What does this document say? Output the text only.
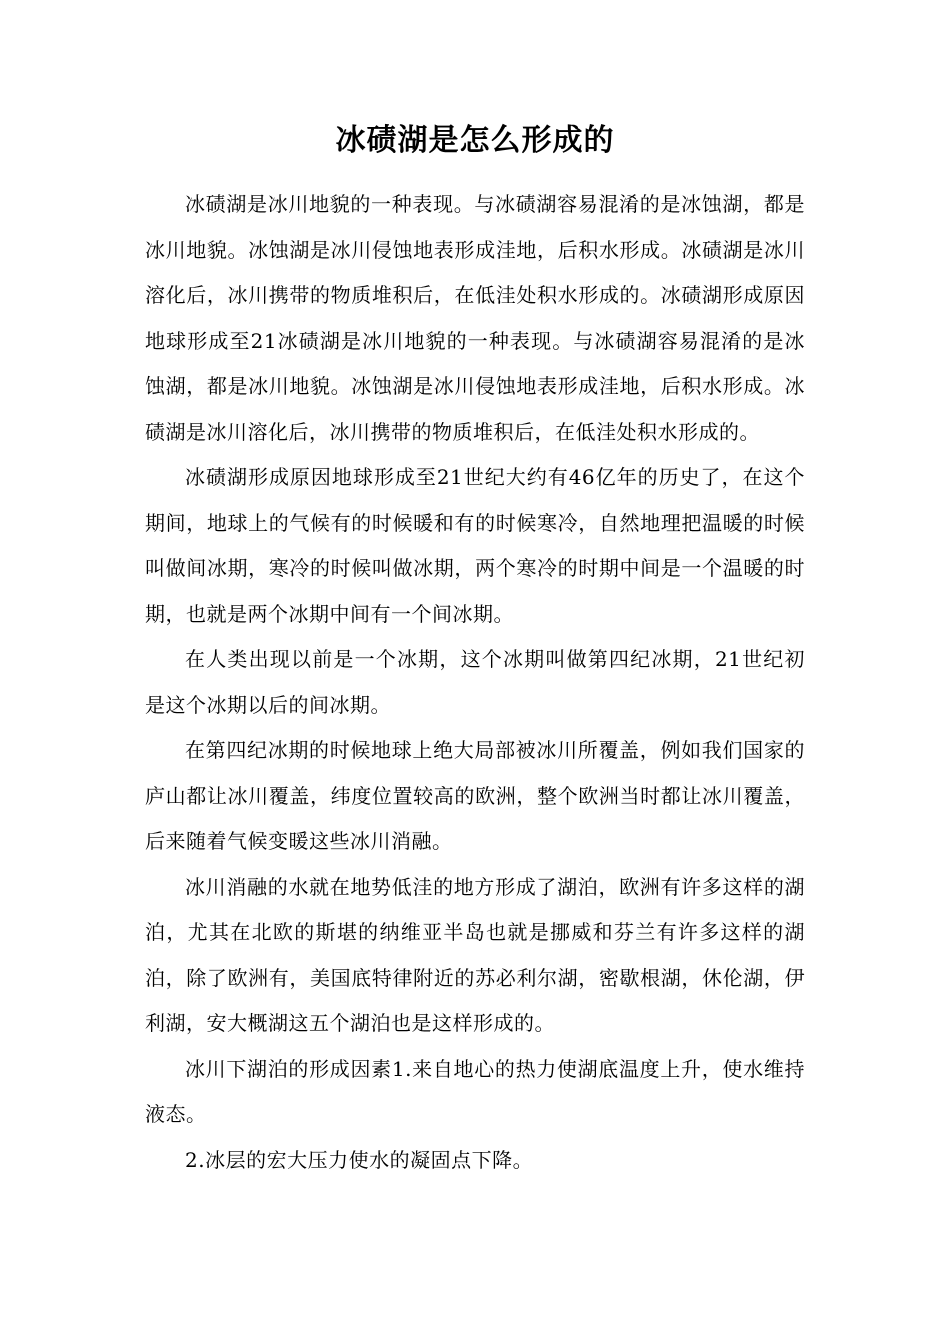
冰碛湖是怎么形成的

冰碛湖是冰川地貌的一种表现。与冰碛湖容易混淆的是冰蚀湖，都是冰川地貌。冰蚀湖是冰川侵蚀地表形成洼地，后积水形成。冰碛湖是冰川溶化后，冰川携带的物质堆积后，在低洼处积水形成的。冰碛湖形成原因地球形成至21冰碛湖是冰川地貌的一种表现。与冰碛湖容易混淆的是冰蚀湖，都是冰川地貌。冰蚀湖是冰川侵蚀地表形成洼地，后积水形成。冰碛湖是冰川溶化后，冰川携带的物质堆积后，在低洼处积水形成的。

冰碛湖形成原因地球形成至21世纪大约有46亿年的历史了，在这个期间，地球上的气候有的时候暖和有的时候寒冷，自然地理把温暖的时候叫做间冰期，寒冷的时候叫做冰期，两个寒冷的时期中间是一个温暖的时期，也就是两个冰期中间有一个间冰期。

在人类出现以前是一个冰期，这个冰期叫做第四纪冰期，21世纪初是这个冰期以后的间冰期。

在第四纪冰期的时候地球上绝大局部被冰川所覆盖，例如我们国家的庐山都让冰川覆盖，纬度位置较高的欧洲，整个欧洲当时都让冰川覆盖，后来随着气候变暖这些冰川消融。

冰川消融的水就在地势低洼的地方形成了湖泊，欧洲有许多这样的湖泊，尤其在北欧的斯堪的纳维亚半岛也就是挪威和芬兰有许多这样的湖泊，除了欧洲有，美国底特律附近的苏必利尔湖，密歇根湖，休伦湖，伊利湖，安大概湖这五个湖泊也是这样形成的。

冰川下湖泊的形成因素1.来自地心的热力使湖底温度上升，使水维持液态。

2.冰层的宏大压力使水的凝固点下降。
